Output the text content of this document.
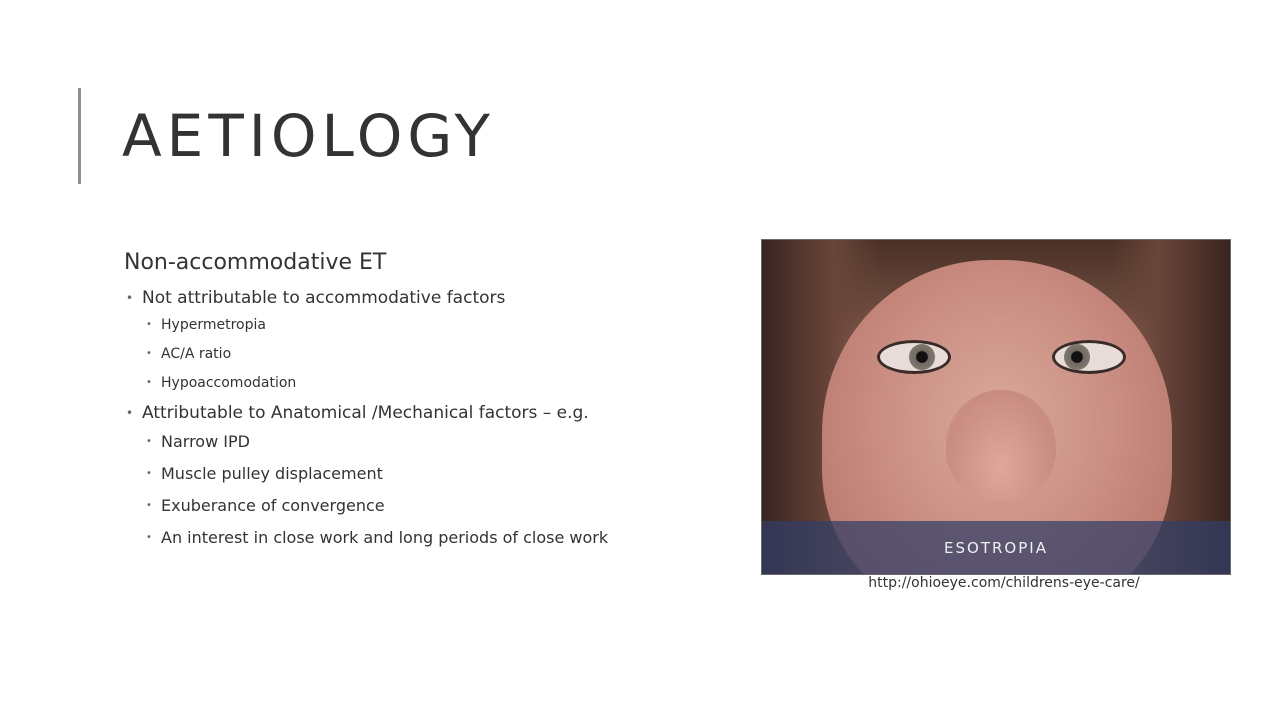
AETIOLOGY
Non-accommodative ET
• Not attributable to accommodative factors
• Hypermetropia
• AC/A ratio
• Hypoaccomodation
• Attributable to Anatomical /Mechanical factors – e.g.
• Narrow IPD
• Muscle pulley displacement
• Exuberance of convergence
• An interest in close work and long periods of close work
ESOTROPIA
http://ohioeye.com/childrens-eye-care/
